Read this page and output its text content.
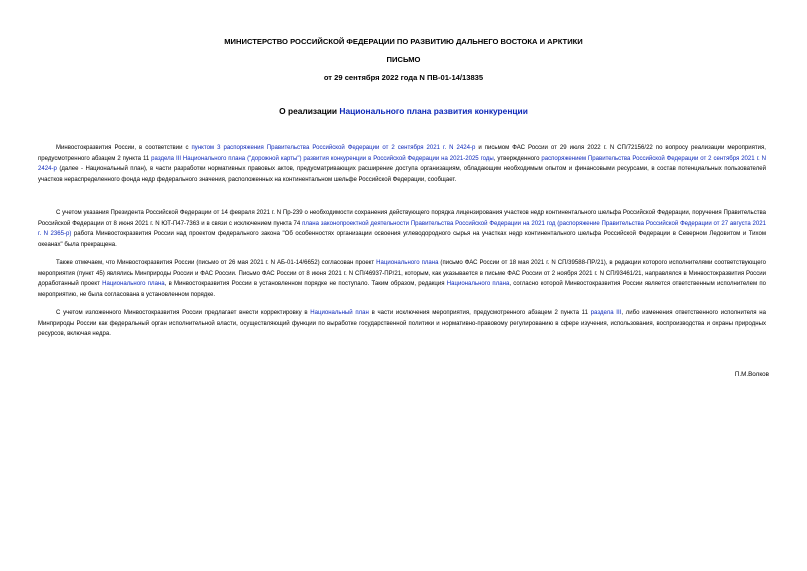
МИНИСТЕРСТВО РОССИЙСКОЙ ФЕДЕРАЦИИ ПО РАЗВИТИЮ ДАЛЬНЕГО ВОСТОКА И АРКТИКИ
ПИСЬМО
от 29 сентября 2022 года N ПВ-01-14/13835
О реализации Национального плана развития конкуренции

Минвостокразвития России, в соответствии с пунктом 3 распоряжения Правительства Российской Федерации от 2 сентября 2021 г. N 2424-р и письмом ФАС России от 29 июля 2022 г. N СП/72156/22 по вопросу реализации мероприятия, предусмотренного абзацем 2 пункта 11 раздела III Национального плана ("дорожной карты") развития конкуренции в Российской Федерации на 2021-2025 годы, утвержденного распоряжением Правительства Российской Федерации от 2 сентября 2021 г. N 2424-р (далее - Национальный план), в части разработки нормативных правовых актов, предусматривающих расширение доступа организациям, обладающим необходимым опытом и финансовыми ресурсами, в состав потенциальных пользователей участков нераспределенного фонда недр федерального значения, расположенных на континентальном шельфе Российской Федерации, сообщает.

С учетом указания Президента Российской Федерации от 14 февраля 2021 г. N Пр-239 о необходимости сохранения действующего порядка лицензирования участков недр континентального шельфа Российской Федерации, поручения Правительства Российской Федерации от 8 июня 2021 г. N ЮТ-П47-7363 и в связи с исключением пункта 74 плана законопроектной деятельности Правительства Российской Федерации на 2021 год (распоряжение Правительства Российской Федерации от 27 августа 2021 г. N 2365-р) работа Минвостокразвития России над проектом федерального закона "Об особенностях организации освоения углеводородного сырья на участках недр континентального шельфа Российской Федерации в Северном Ледовитом и Тихом океанах" была прекращена.

Также отмечаем, что Минвостокразвития России (письмо от 26 мая 2021 г. N АБ-01-14/6652) согласован проект Национального плана (письмо ФАС России от 18 мая 2021 г. N СП/39588-ПР/21), в редакции которого исполнителями соответствующего мероприятия (пункт 45) являлись Минприроды России и ФАС России. Письмо ФАС России от 8 июня 2021 г. N СП/46937-ПР/21, которым, как указывается в письме ФАС России от 2 ноября 2021 г. N СП/93461/21, направлялся в Минвостокразвития России доработанный проект Национального плана, в Минвостокразвития России в установленном порядке не поступало. Таким образом, редакция Национального плана, согласно которой Минвостокразвития России является ответственным исполнителем по мероприятию, не была согласована в установленном порядке.

С учетом изложенного Минвостокразвития России предлагает внести корректировку в Национальный план в части исключения мероприятия, предусмотренного абзацем 2 пункта 11 раздела III, либо изменения ответственного исполнителя на Минприроды России как федеральный орган исполнительной власти, осуществляющий функции по выработке государственной политики и нормативно-правовому регулированию в сфере изучения, использования, воспроизводства и охраны природных ресурсов, включая недра.

П.М.Волков
